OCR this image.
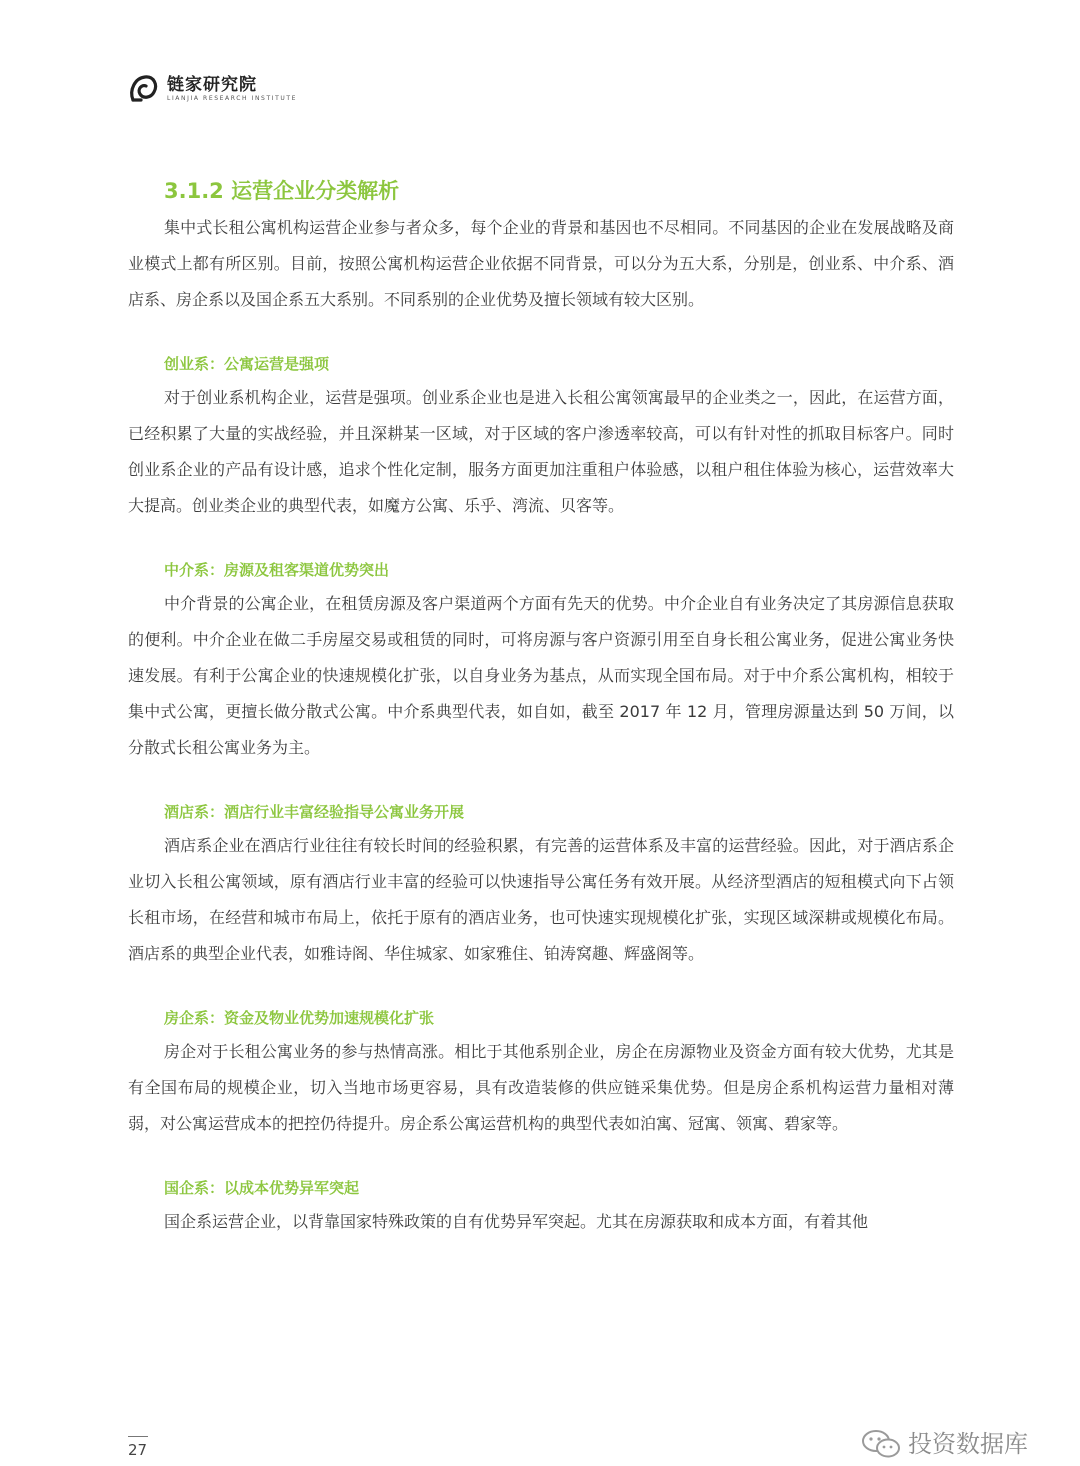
链家研究院
LIANJIA RESEARCH INSTITUTE
3.1.2 运营企业分类解析

集中式长租公寓机构运营企业参与者众多，每个企业的背景和基因也不尽相同。不同基因的企业在发展战略及商业模式上都有所区别。目前，按照公寓机构运营企业依据不同背景，可以分为五大系，分别是，创业系、中介系、酒店系、房企系以及国企系五大系别。不同系别的企业优势及擅长领域有较大区别。

创业系：公寓运营是强项

对于创业系机构企业，运营是强项。创业系企业也是进入长租公寓领寓最早的企业类之一，因此，在运营方面，已经积累了大量的实战经验，并且深耕某一区域，对于区域的客户渗透率较高，可以有针对性的抓取目标客户。同时创业系企业的产品有设计感，追求个性化定制，服务方面更加注重租户体验感，以租户租住体验为核心，运营效率大大提高。创业类企业的典型代表，如魔方公寓、乐乎、湾流、贝客等。

中介系：房源及租客渠道优势突出

中介背景的公寓企业，在租赁房源及客户渠道两个方面有先天的优势。中介企业自有业务决定了其房源信息获取的便利。中介企业在做二手房屋交易或租赁的同时，可将房源与客户资源引用至自身长租公寓业务，促进公寓业务快速发展。有利于公寓企业的快速规模化扩张，以自身业务为基点，从而实现全国布局。对于中介系公寓机构，相较于集中式公寓，更擅长做分散式公寓。中介系典型代表，如自如，截至 2017 年 12 月，管理房源量达到 50 万间，以分散式长租公寓业务为主。

酒店系：酒店行业丰富经验指导公寓业务开展

酒店系企业在酒店行业往往有较长时间的经验积累，有完善的运营体系及丰富的运营经验。因此，对于酒店系企业切入长租公寓领域，原有酒店行业丰富的经验可以快速指导公寓任务有效开展。从经济型酒店的短租模式向下占领长租市场，在经营和城市布局上，依托于原有的酒店业务，也可快速实现规模化扩张，实现区域深耕或规模化布局。酒店系的典型企业代表，如雅诗阁、华住城家、如家雅住、铂涛窝趣、辉盛阁等。

房企系：资金及物业优势加速规模化扩张

房企对于长租公寓业务的参与热情高涨。相比于其他系别企业，房企在房源物业及资金方面有较大优势，尤其是有全国布局的规模企业，切入当地市场更容易，具有改造装修的供应链采集优势。但是房企系机构运营力量相对薄弱，对公寓运营成本的把控仍待提升。房企系公寓运营机构的典型代表如泊寓、冠寓、领寓、碧家等。

国企系：以成本优势异军突起

国企系运营企业，以背靠国家特殊政策的自有优势异军突起。尤其在房源获取和成本方面，有着其他

27	投资数据库
